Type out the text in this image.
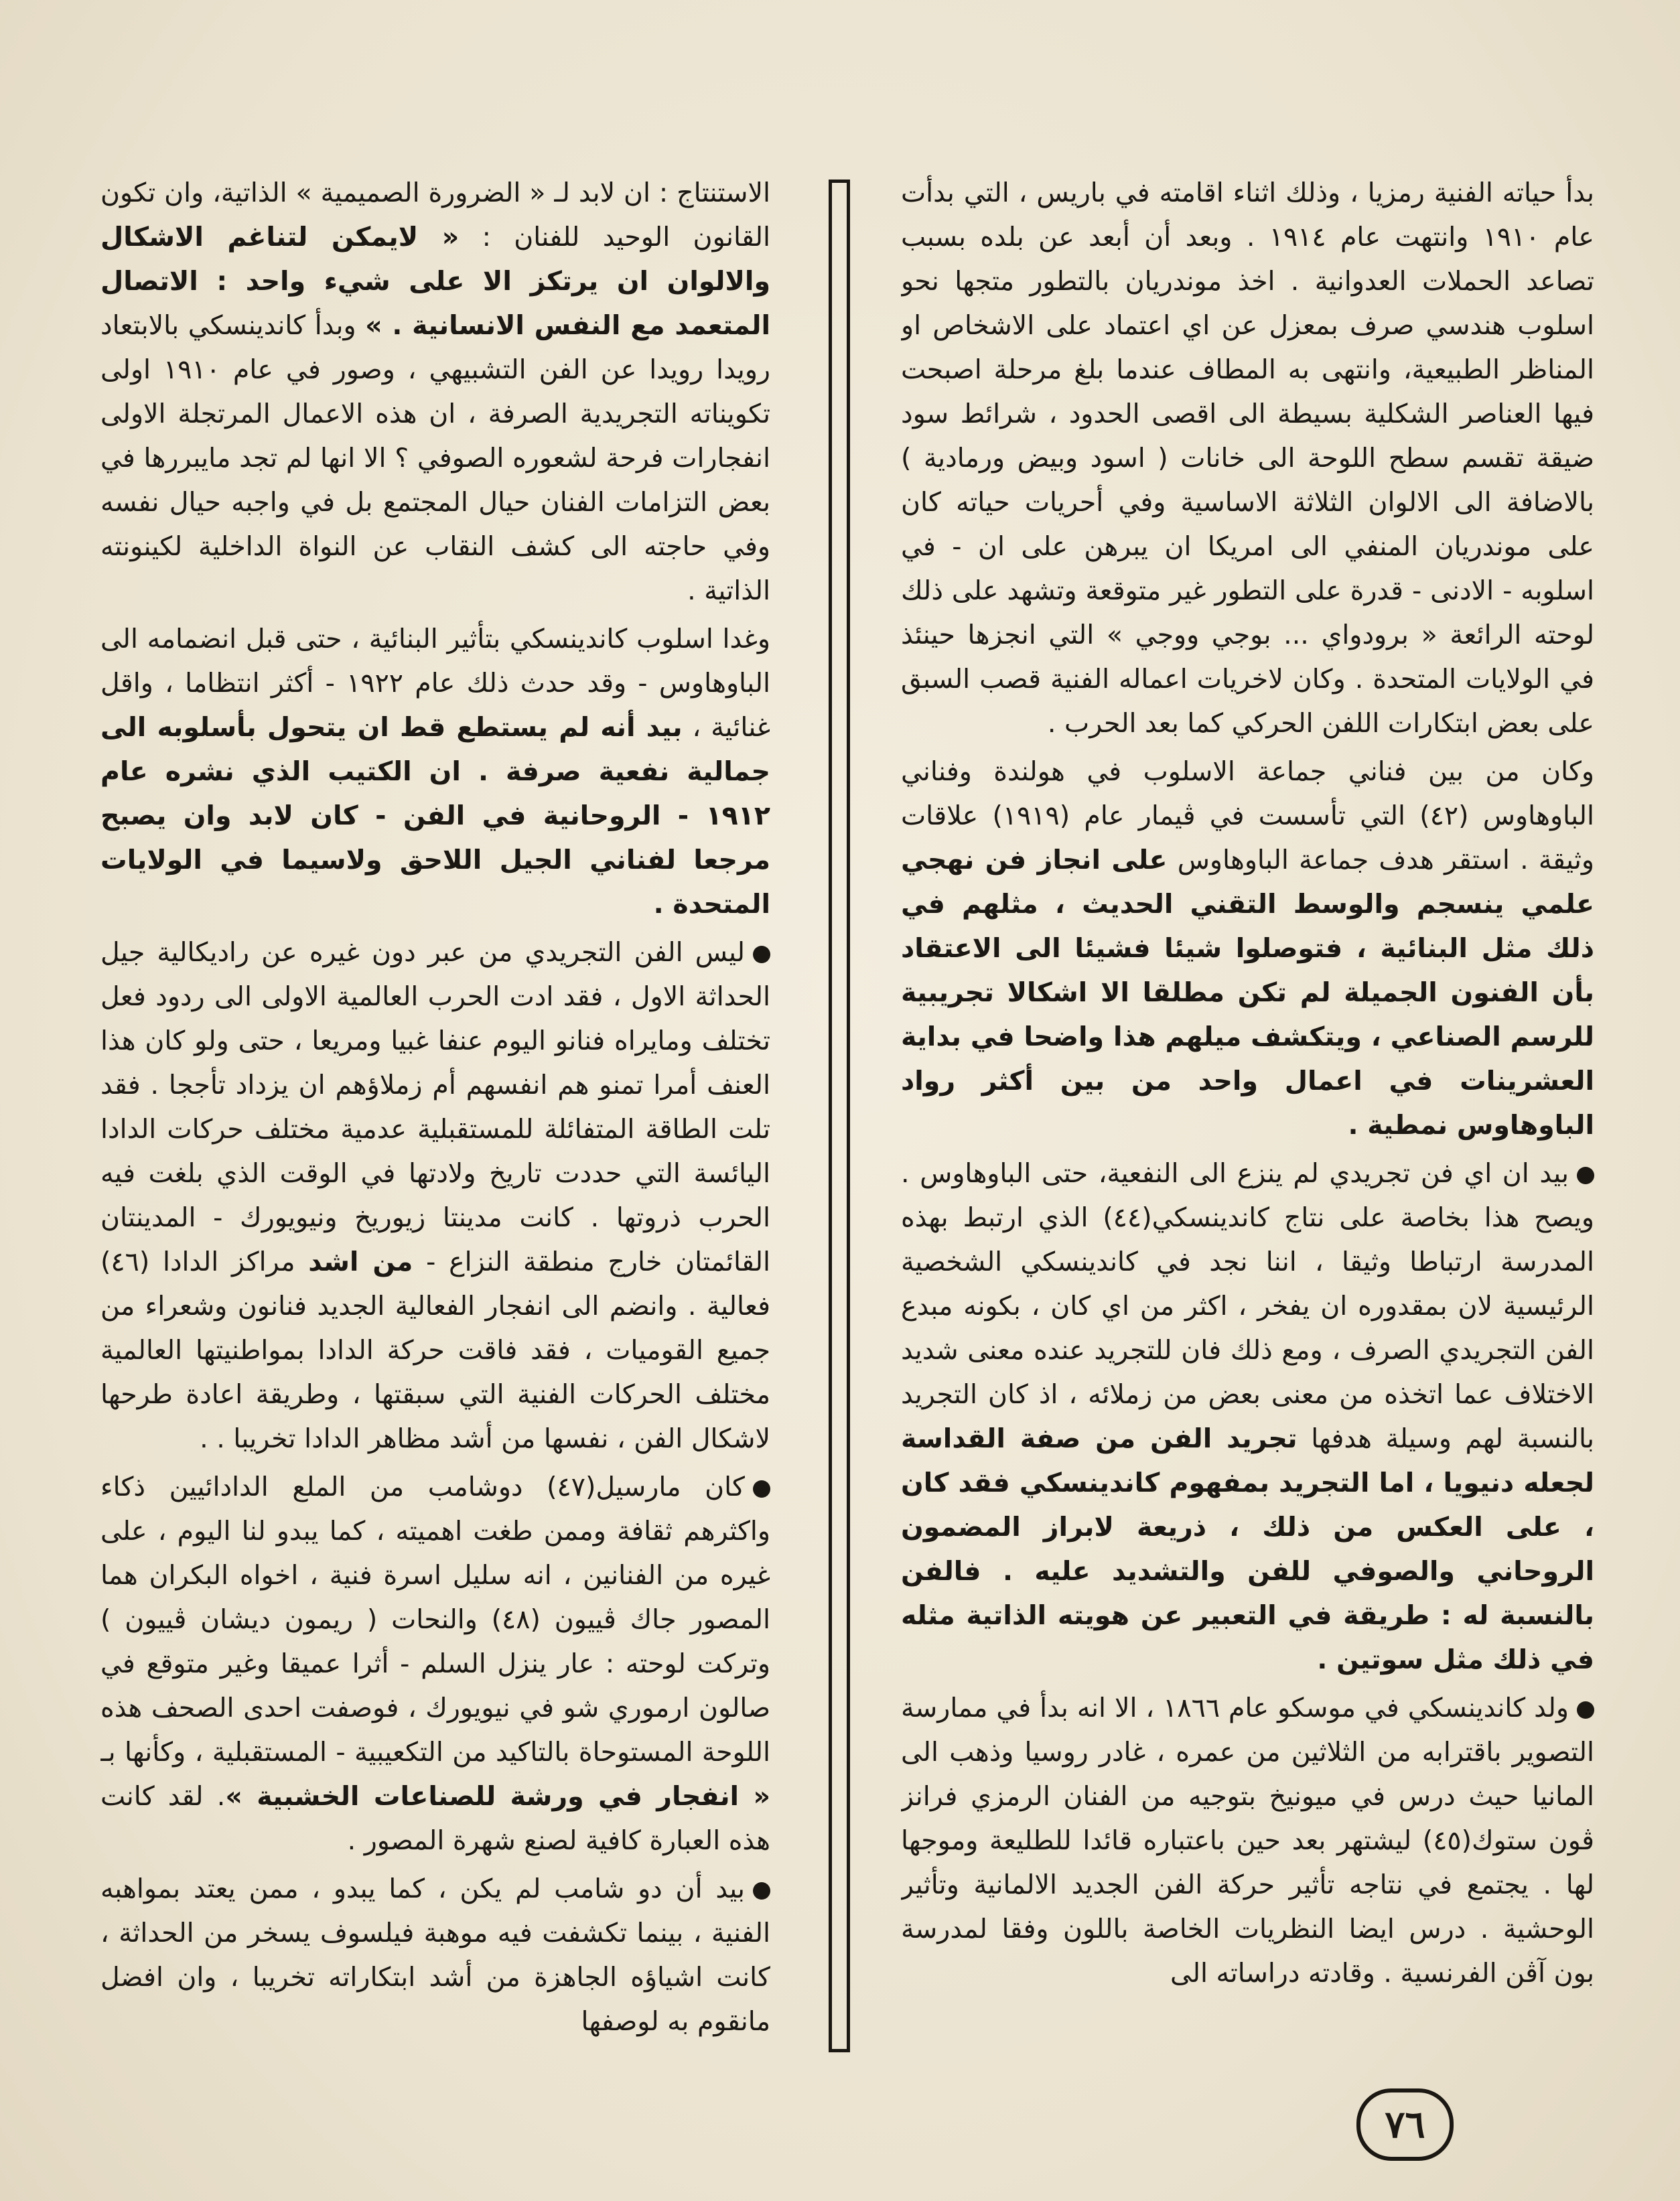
بدأ حياته الفنية رمزيا ، وذلك اثناء اقامته في باريس ، التي بدأت عام ١٩١٠ وانتهت عام ١٩١٤ . وبعد أن أبعد عن بلده بسبب تصاعد الحملات العدوانية . اخذ موندريان بالتطور متجها نحو اسلوب هندسي صرف بمعزل عن اي اعتماد على الاشخاص او المناظر الطبيعية، وانتهى به المطاف عندما بلغ مرحلة اصبحت فيها العناصر الشكلية بسيطة الى اقصى الحدود ، شرائط سود ضيقة تقسم سطح اللوحة الى خانات ( اسود وبيض ورمادية ) بالاضافة الى الالوان الثلاثة الاساسية وفي أحريات حياته كان على موندريان المنفي الى امريكا ان يبرهن على ان - في اسلوبه - الادنى - قدرة على التطور غير متوقعة وتشهد على ذلك لوحته الرائعة « برودواي ... بوجي ووجي » التي انجزها حينئذ في الولايات المتحدة . وكان لاخريات اعماله الفنية قصب السبق على بعض ابتكارات اللفن الحركي كما بعد الحرب .
وكان من بين فناني جماعة الاسلوب في هولندة وفناني الباوهاوس (٤٢) التي تأسست في ڤيمار عام (١٩١٩) علاقات وثيقة . استقر هدف جماعة الباوهاوس على انجاز فن نهجي علمي ينسجم والوسط التقني الحديث ، مثلهم في ذلك مثل البنائية ، فتوصلوا شيئا فشيئا الى الاعتقاد بأن الفنون الجميلة لم تكن مطلقا الا اشكالا تجريبية للرسم الصناعي ، ويتكشف ميلهم هذا واضحا في بداية العشرينات في اعمال واحد من بين أكثر رواد الباوهاوس نمطية .
بيد ان اي فن تجريدي لم ينزع الى النفعية، حتى الباوهاوس . ويصح هذا بخاصة على نتاج كاندينسكي(٤٤) الذي ارتبط بهذه المدرسة ارتباطا وثيقا ، اننا نجد في كاندينسكي الشخصية الرئيسية لان بمقدوره ان يفخر ، اكثر من اي كان ، بكونه مبدع الفن التجريدي الصرف ، ومع ذلك فان للتجريد عنده معنى شديد الاختلاف عما اتخذه من معنى بعض من زملائه ، اذ كان التجريد بالنسبة لهم وسيلة هدفها تجريد الفن من صفة القداسة لجعله دنيويا ، اما التجريد بمفهوم كاندينسكي فقد كان ، على العكس من ذلك ، ذريعة لابراز المضمون الروحاني والصوفي للفن والتشديد عليه . فالفن بالنسبة له : طريقة في التعبير عن هويته الذاتية مثله في ذلك مثل سوتين .
ولد كاندينسكي في موسكو عام ١٨٦٦ ، الا انه بدأ في ممارسة التصوير باقترابه من الثلاثين من عمره ، غادر روسيا وذهب الى المانيا حيث درس في ميونيخ بتوجيه من الفنان الرمزي فرانز ڤون ستوك(٤٥) ليشتهر بعد حين باعتباره قائدا للطليعة وموجها لها . يجتمع في نتاجه تأثير حركة الفن الجديد الالمانية وتأثير الوحشية . درس ايضا النظريات الخاصة باللون وفقا لمدرسة بون آڤن الفرنسية . وقادته دراساته الى
الاستنتاج : ان لابد لـ « الضرورة الصميمية » الذاتية، وان تكون القانون الوحيد للفنان : « لايمكن لتناغم الاشكال والالوان ان يرتكز الا على شيء واحد : الاتصال المتعمد مع النفس الانسانية . » وبدأ كاندينسكي بالابتعاد رويدا رويدا عن الفن التشبيهي ، وصور في عام ١٩١٠ اولى تكويناته التجريدية الصرفة ، ان هذه الاعمال المرتجلة الاولى انفجارات فرحة لشعوره الصوفي ؟ الا انها لم تجد مايبررها في بعض التزامات الفنان حيال المجتمع بل في واجبه حيال نفسه وفي حاجته الى كشف النقاب عن النواة الداخلية لكينونته الذاتية .
وغدا اسلوب كاندينسكي بتأثير البنائية ، حتى قبل انضمامه الى الباوهاوس - وقد حدث ذلك عام ١٩٢٢ - أكثر انتظاما ، واقل غنائية ، بيد أنه لم يستطع قط ان يتحول بأسلوبه الى جمالية نفعية صرفة . ان الكتيب الذي نشره عام ١٩١٢ - الروحانية في الفن - كان لابد وان يصبح مرجعا لفناني الجيل اللاحق ولاسيما في الولايات المتحدة .
ليس الفن التجريدي من عبر دون غيره عن راديكالية جيل الحداثة الاول ، فقد ادت الحرب العالمية الاولى الى ردود فعل تختلف ومايراه فنانو اليوم عنفا غبيا ومريعا ، حتى ولو كان هذا العنف أمرا تمنو هم انفسهم أم زملاؤهم ان يزداد تأججا . فقد تلت الطاقة المتفائلة للمستقبلية عدمية مختلف حركات الدادا اليائسة التي حددت تاريخ ولادتها في الوقت الذي بلغت فيه الحرب ذروتها . كانت مدينتا زيوريخ ونيويورك - المدينتان القائمتان خارج منطقة النزاع - من اشد مراكز الدادا (٤٦) فعالية . وانضم الى انفجار الفعالية الجديد فنانون وشعراء من جميع القوميات ، فقد فاقت حركة الدادا بمواطنيتها العالمية مختلف الحركات الفنية التي سبقتها ، وطريقة اعادة طرحها لاشكال الفن ، نفسها من أشد مظاهر الدادا تخريبا . .
كان مارسيل(٤٧) دوشامب من الملع الدادائيين ذكاء واكثرهم ثقافة وممن طغت اهميته ، كما يبدو لنا اليوم ، على غيره من الفنانين ، انه سليل اسرة فنية ، اخواه البكران هما المصور جاك ڤييون (٤٨) والنحات ( ريمون ديشان ڤييون ) وتركت لوحته : عار ينزل السلم - أثرا عميقا وغير متوقع في صالون ارموري شو في نيويورك ، فوصفت احدى الصحف هذه اللوحة المستوحاة بالتاكيد من التكعيبية - المستقبلية ، وكأنها بـ « انفجار في ورشة للصناعات الخشبية ». لقد كانت هذه العبارة كافية لصنع شهرة المصور .
بيد أن دو شامب لم يكن ، كما يبدو ، ممن يعتد بمواهبه الفنية ، بينما تكشفت فيه موهبة فيلسوف يسخر من الحداثة ، كانت اشياؤه الجاهزة من أشد ابتكاراته تخريبا ، وان افضل مانقوم به لوصفها
٧٦
